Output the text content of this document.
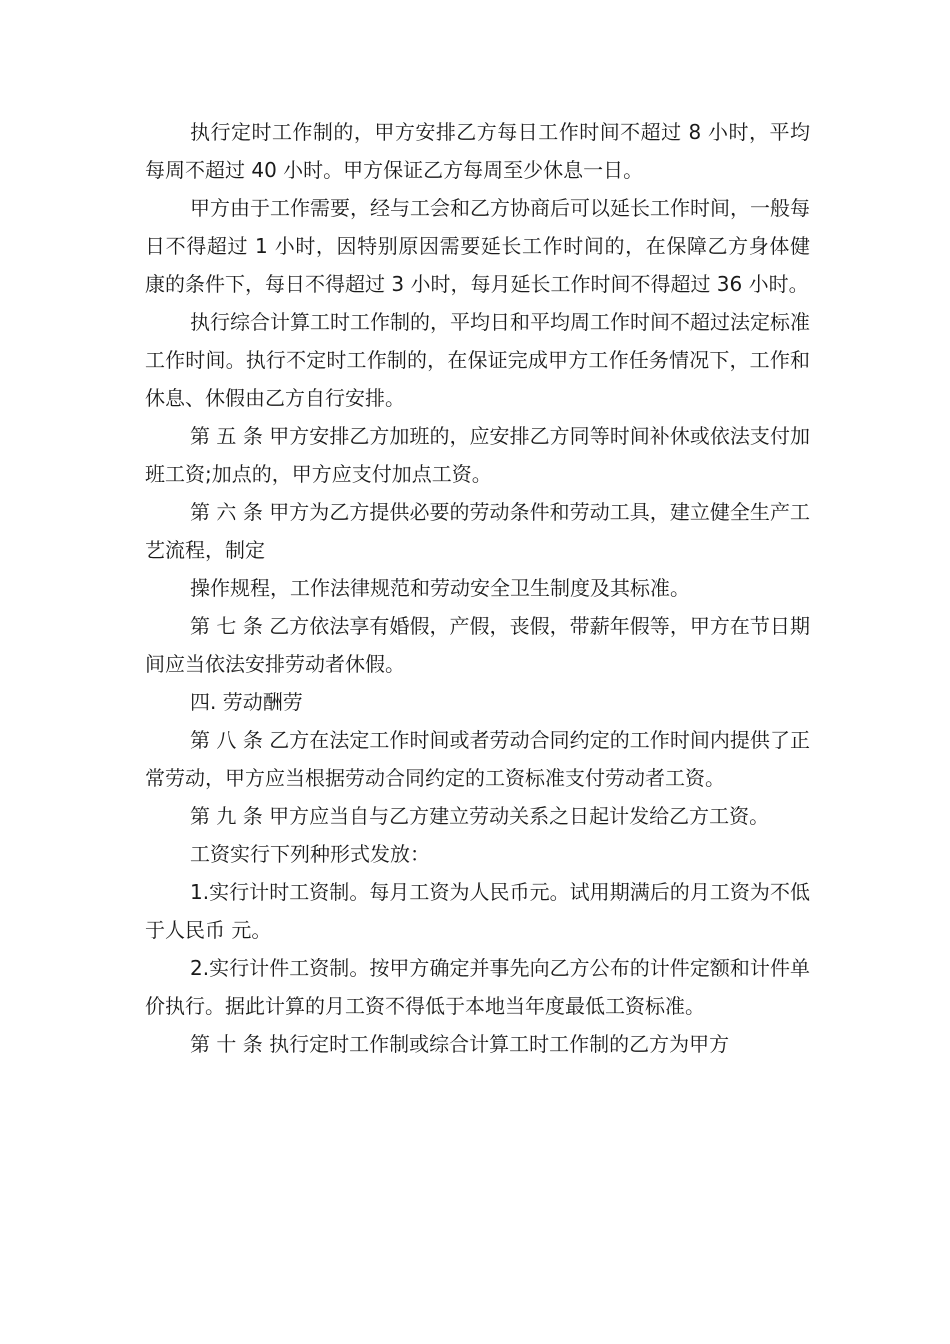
执行定时工作制的，甲方安排乙方每日工作时间不超过 8 小时，平均每周不超过 40 小时。甲方保证乙方每周至少休息一日。

甲方由于工作需要，经与工会和乙方协商后可以延长工作时间，一般每日不得超过 1 小时，因特别原因需要延长工作时间的，在保障乙方身体健康的条件下，每日不得超过 3 小时，每月延长工作时间不得超过 36 小时。

执行综合计算工时工作制的，平均日和平均周工作时间不超过法定标准工作时间。执行不定时工作制的，在保证完成甲方工作任务情况下，工作和休息、休假由乙方自行安排。

第 五 条 甲方安排乙方加班的，应安排乙方同等时间补休或依法支付加班工资;加点的，甲方应支付加点工资。

第 六 条 甲方为乙方提供必要的劳动条件和劳动工具，建立健全生产工艺流程，制定

操作规程，工作法律规范和劳动安全卫生制度及其标准。

第 七 条 乙方依法享有婚假，产假，丧假，带薪年假等，甲方在节日期间应当依法安排劳动者休假。

四. 劳动酬劳

第 八 条 乙方在法定工作时间或者劳动合同约定的工作时间内提供了正常劳动，甲方应当根据劳动合同约定的工资标准支付劳动者工资。

第 九 条 甲方应当自与乙方建立劳动关系之日起计发给乙方工资。

工资实行下列种形式发放：

1.实行计时工资制。每月工资为人民币元。试用期满后的月工资为不低于人民币 元。

2.实行计件工资制。按甲方确定并事先向乙方公布的计件定额和计件单价执行。据此计算的月工资不得低于本地当年度最低工资标准。

第 十 条 执行定时工作制或综合计算工时工作制的乙方为甲方
